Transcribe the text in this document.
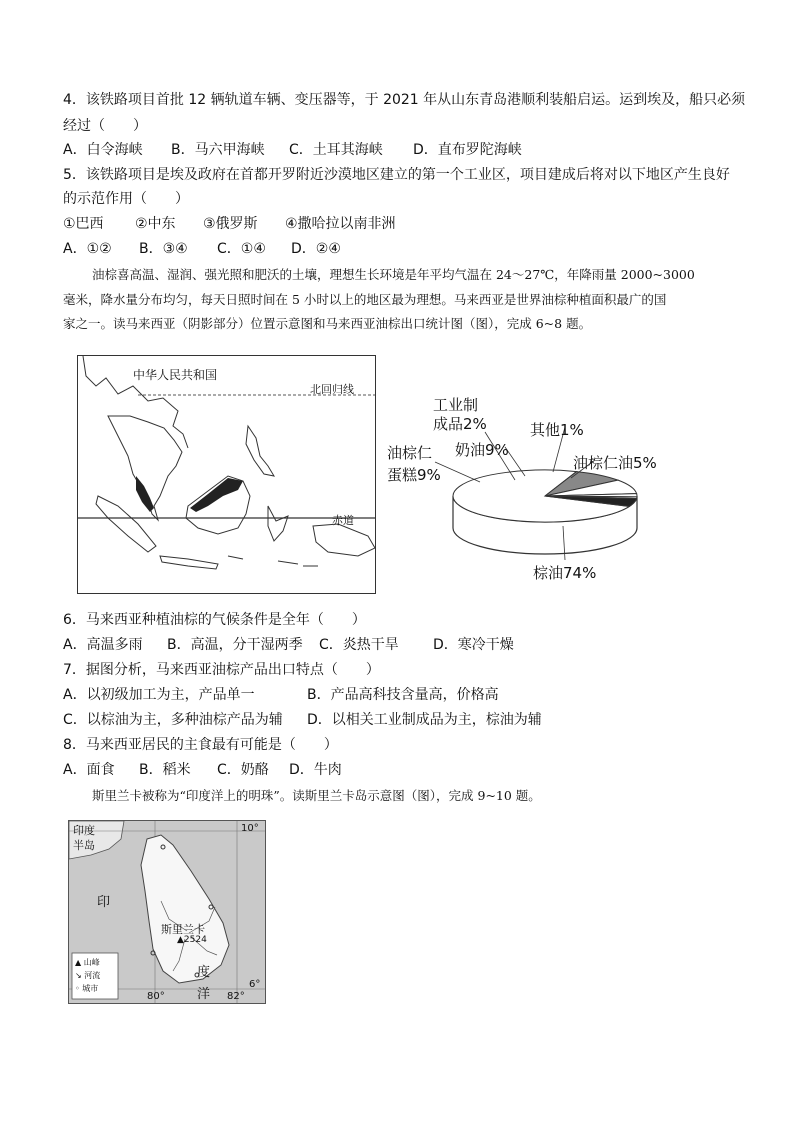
4．该铁路项目首批 12 辆轨道车辆、变压器等，于 2021 年从山东青岛港顺利装船启运。运到埃及，船只必须
经过（　　）
A．白令海峡 B．马六甲海峡 C．土耳其海峡 D．直布罗陀海峡
5．该铁路项目是埃及政府在首都开罗附近沙漠地区建立的第一个工业区，项目建成后将对以下地区产生良好
的示范作用（　　）
①巴西 ②中东 ③俄罗斯 ④撒哈拉以南非洲
A．①② B．③④ C．①④ D．②④
油棕喜高温、湿润、强光照和肥沃的土壤，理想生长环境是年平均气温在 24～27℃，年降雨量 2000~3000
毫米，降水量分布均匀，每天日照时间在 5 小时以上的地区最为理想。马来西亚是世界油棕种植面积最广的国
家之一。读马来西亚（阴影部分）位置示意图和马来西亚油棕出口统计图（图），完成 6~8 题。
中华人民共和国
北回归线
赤道
工业制
成品2%	其他1%
油棕仁
蛋糕9%
奶油9%
油棕仁油5%
棕油74%
6．马来西亚种植油棕的气候条件是全年（　　）
A．高温多雨 B．高温，分干湿两季 C．炎热干旱 D．寒冷干燥
7．据图分析，马来西亚油棕产品出口特点（　　）
A．以初级加工为主，产品单一	B．产品高科技含量高，价格高
C．以棕油为主，多种油棕产品为辅 D．以相关工业制成品为主，棕油为辅
8．马来西亚居民的主食最有可能是（　　）
A．面食 B．稻米 C．奶酪 D．牛肉
斯里兰卡被称为“印度洋上的明珠”。读斯里兰卡岛示意图（图），完成 9~10 题。
印度
半岛
印
度
洋
斯里兰卡
▲2524
10°
6°
80°	82°
▲ 山峰
↘ 河流
◦ 城市
